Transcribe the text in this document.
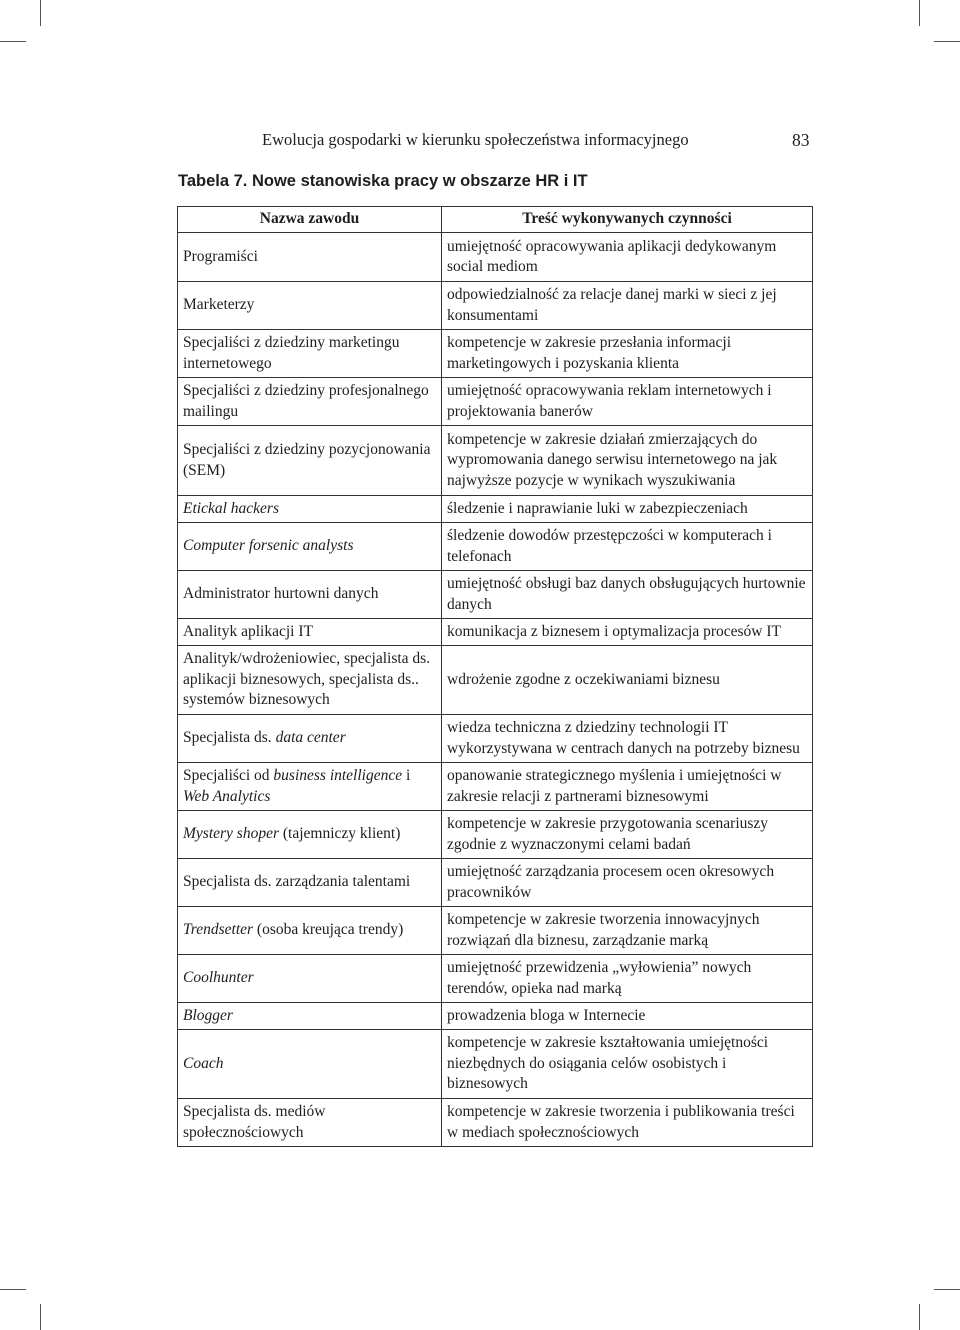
Ewolucja gospodarki w kierunku społeczeństwa informacyjnego	83
Tabela 7. Nowe stanowiska pracy w obszarze HR i IT
Nazwa zawodu	Treść wykonywanych czynności
Programiści	umiejętność opracowywania aplikacji dedykowanym social mediom
Marketerzy	odpowiedzialność za relacje danej marki w sieci z jej konsumentami
Specjaliści z dziedziny marketingu internetowego	kompetencje w zakresie przesłania informacji marketingowych i pozyskania klienta
Specjaliści z dziedziny profesjonalnego mailingu	umiejętność opracowywania reklam internetowych i projektowania banerów
Specjaliści z dziedziny pozycjonowania (SEM)	kompetencje w zakresie działań zmierzających do wypromowania danego serwisu internetowego na jak najwyższe pozycje w wynikach wyszukiwania
Etickal hackers	śledzenie i naprawianie luki w zabezpieczeniach
Computer forsenic analysts	śledzenie dowodów przestępczości w komputerach i telefonach
Administrator hurtowni danych	umiejętność obsługi baz danych obsługujących hurtownie danych
Analityk aplikacji IT	komunikacja z biznesem i optymalizacja procesów IT
Analityk/wdrożeniowiec, specjalista ds. aplikacji biznesowych, specjalista ds.. systemów biznesowych	wdrożenie zgodne z oczekiwaniami biznesu
Specjalista ds. data center	wiedza techniczna z dziedziny technologii IT wykorzystywana w centrach danych na potrzeby biznesu
Specjaliści od business intelligence i Web Analytics	opanowanie strategicznego myślenia i umiejętności w zakresie relacji z partnerami biznesowymi
Mystery shoper (tajemniczy klient)	kompetencje w zakresie przygotowania scenariuszy zgodnie z wyznaczonymi celami badań
Specjalista ds. zarządzania talentami	umiejętność zarządzania procesem ocen okresowych pracowników
Trendsetter (osoba kreująca trendy)	kompetencje w zakresie tworzenia innowacyjnych rozwiązań dla biznesu, zarządzanie marką
Coolhunter	umiejętność przewidzenia „wyłowienia” nowych terendów, opieka nad marką
Blogger	prowadzenia bloga w Internecie
Coach	kompetencje w zakresie kształtowania umiejętności niezbędnych do osiągania celów osobistych i biznesowych
Specjalista ds. mediów społecznościowych	kompetencje w zakresie tworzenia i publikowania treści w mediach społecznościowych
